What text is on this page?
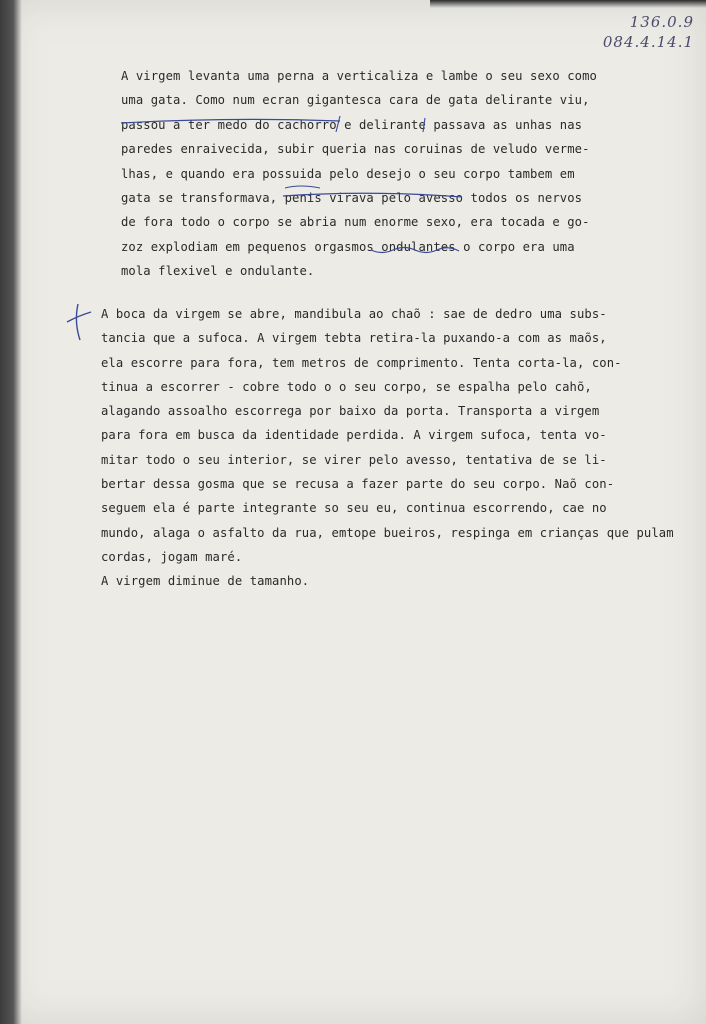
136.0.9
084.4.14.1
A virgem levanta uma perna a verticaliza e lambe o seu sexo como
uma gata. Como num ecran gigantesca cara de gata delirante viu,
passou a ter medo do cachorro e delirante passava as unhas nas
paredes enraivecida, subir queria nas coruinas de veludo verme-
lhas, e quando era possuida pelo desejo o seu corpo tambem em
gata se transformava, penis virava pelo avesso todos os nervos
de fora todo o corpo se abria num enorme sexo, era tocada e go-
zoz explodiam em pequenos orgasmos ondulantes o corpo era uma
mola flexivel e ondulante.
A boca da virgem se abre, mandibula ao chaõ : sae de dedro uma subs-
tancia que a sufoca. A virgem tebta retira-la puxando-a com as maõs,
ela escorre para fora, tem metros de comprimento. Tenta corta-la, con-
tinua a escorrer - cobre todo o o seu corpo, se espalha pelo cahõ,
alagando assoalho escorrega por baixo da porta. Transporta a virgem
para fora em busca da identidade perdida. A virgem sufoca, tenta vo-
mitar todo o seu interior, se virer pelo avesso, tentativa de se li-
bertar dessa gosma que se recusa a fazer parte do seu corpo. Naõ con-
seguem ela é parte integrante so seu eu, continua escorrendo, cae no
mundo, alaga o asfalto da rua, emtope bueiros, respinga em crianças que pulam
cordas, jogam maré.
A virgem diminue de tamanho.
